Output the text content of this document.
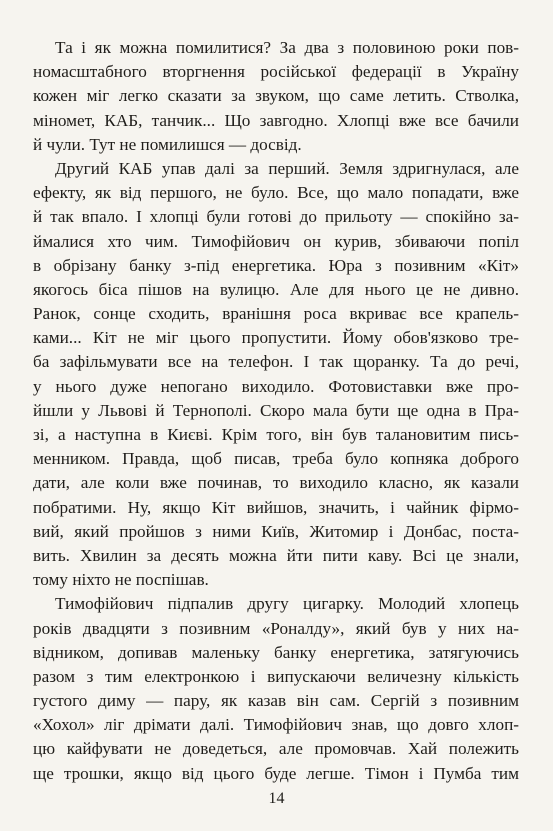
Та і як можна помилитися? За два з половиною роки пов-
номасштабного вторгнення російської федерації в Україну
кожен міг легко сказати за звуком, що саме летить. Стволка,
міномет, КАБ, танчик... Що завгодно. Хлопці вже все бачили
й чули. Тут не помилишся — досвід.
Другий КАБ упав далі за перший. Земля здригнулася, але
ефекту, як від першого, не було. Все, що мало попадати, вже
й так впало. І хлопці були готові до прильоту — спокійно за-
ймалися хто чим. Тимофійович он курив, збиваючи попіл
в обрізану банку з-під енергетика. Юра з позивним «Кіт»
якогось біса пішов на вулицю. Але для нього це не дивно.
Ранок, сонце сходить, вранішня роса вкриває все крапель-
ками... Кіт не міг цього пропустити. Йому обов'язково тре-
ба зафільмувати все на телефон. І так щоранку. Та до речі,
у нього дуже непогано виходило. Фотовиставки вже про-
йшли у Львові й Тернополі. Скоро мала бути ще одна в Пра-
зі, а наступна в Києві. Крім того, він був талановитим пись-
менником. Правда, щоб писав, треба було копняка доброго
дати, але коли вже починав, то виходило класно, як казали
побратими. Ну, якщо Кіт вийшов, значить, і чайник фірмо-
вий, який пройшов з ними Київ, Житомир і Донбас, поста-
вить. Хвилин за десять можна йти пити каву. Всі це знали,
тому ніхто не поспішав.
Тимофійович підпалив другу цигарку. Молодий хлопець
років двадцяти з позивним «Роналду», який був у них на-
відником, допивав маленьку банку енергетика, затягуючись
разом з тим електронкою і випускаючи величезну кількість
густого диму — пару, як казав він сам. Сергій з позивним
«Хохол» ліг дрімати далі. Тимофійович знав, що довго хлоп-
цю кайфувати не доведеться, але промовчав. Хай полежить
ще трошки, якщо від цього буде легше. Тімон і Пумба тим
14
